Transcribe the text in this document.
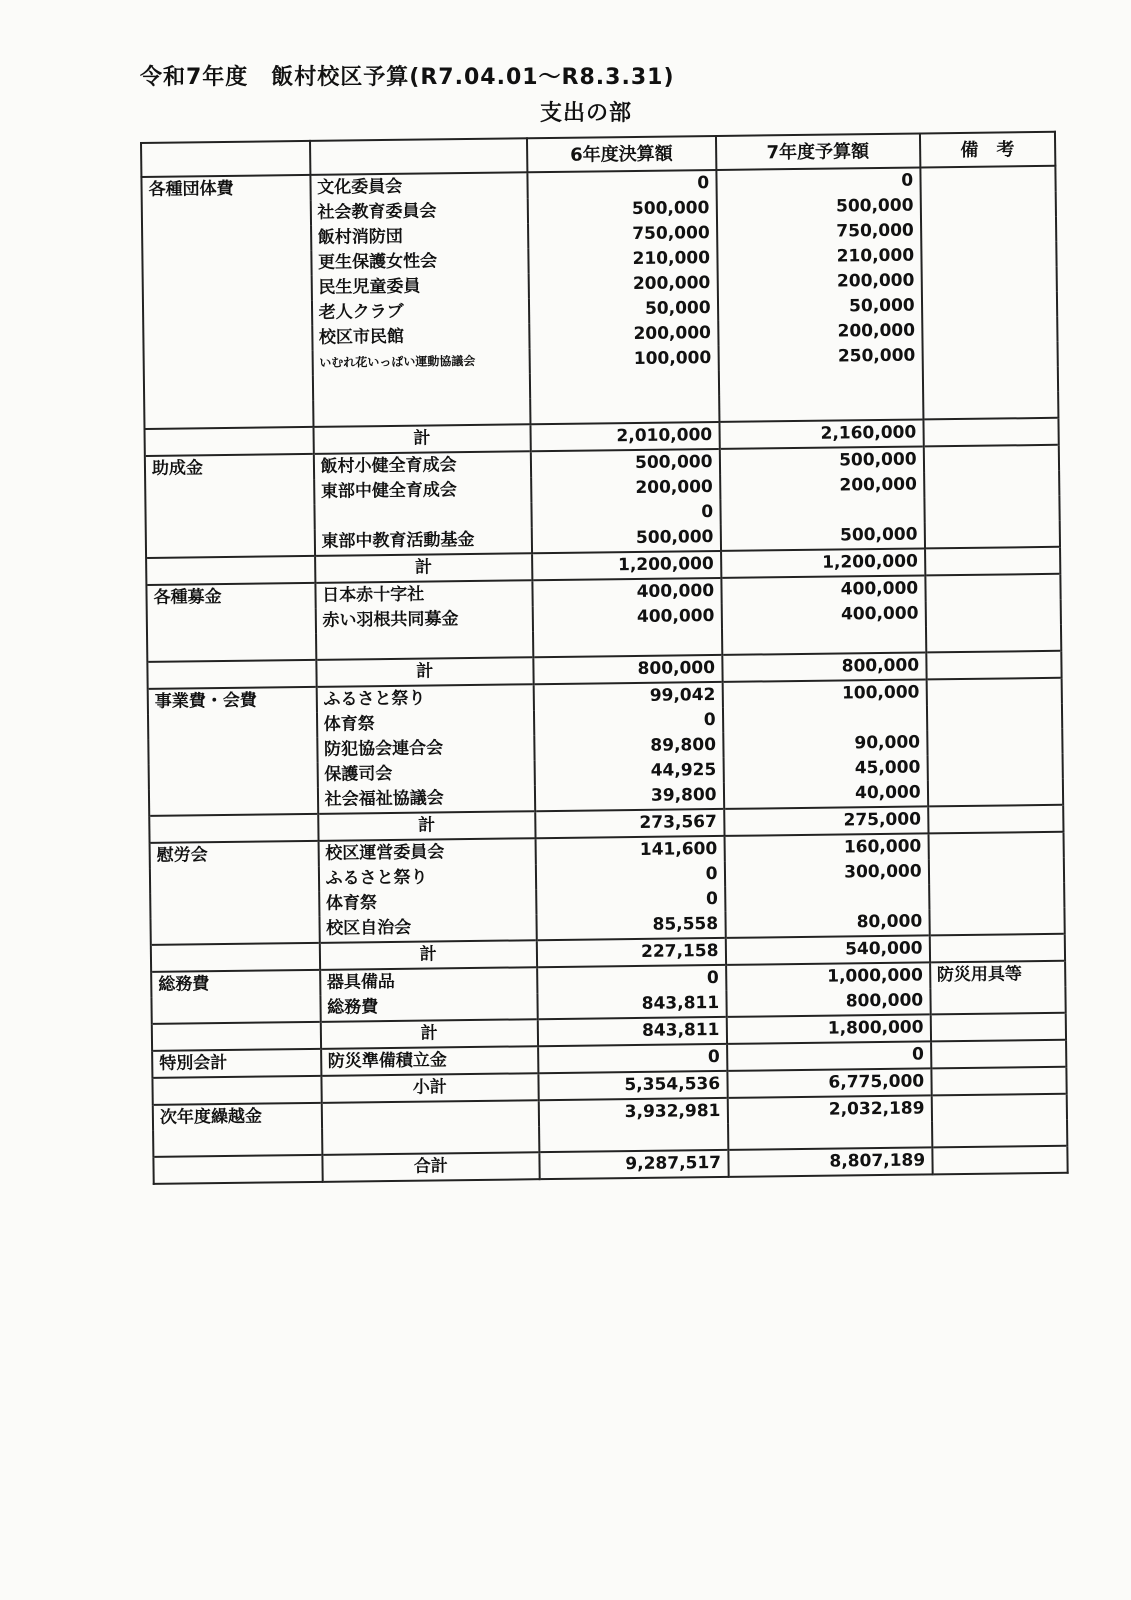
令和7年度　飯村校区予算(R7.04.01～R8.3.31)
支出の部
		6年度決算額	7年度予算額	備　考
各種団体費	文化委員会	0	0	
	社会教育委員会	500,000	500,000	
	飯村消防団	750,000	750,000	
	更生保護女性会	210,000	210,000	
	民生児童委員	200,000	200,000	
	老人クラブ	50,000	50,000	
	校区市民館	200,000	200,000	
	いむれ花いっぱい運動協議会	100,000	250,000	

	計	2,010,000	2,160,000	
助成金	飯村小健全育成会	500,000	500,000	
	東部中健全育成会	200,000	200,000	
		0		
	東部中教育活動基金	500,000	500,000	
	計	1,200,000	1,200,000	
各種募金	日本赤十字社	400,000	400,000	
	赤い羽根共同募金	400,000	400,000	

	計	800,000	800,000	
事業費・会費	ふるさと祭り	99,042	100,000	
	体育祭	0		
	防犯協会連合会	89,800	90,000	
	保護司会	44,925	45,000	
	社会福祉協議会	39,800	40,000	
	計	273,567	275,000	
慰労会	校区運営委員会	141,600	160,000	
	ふるさと祭り	0	300,000	
	体育祭	0		
	校区自治会	85,558	80,000	
	計	227,158	540,000	
総務費	器具備品	0	1,000,000	防災用具等
	総務費	843,811	800,000	
	計	843,811	1,800,000	
特別会計	防災準備積立金	0	0	
	小計	5,354,536	6,775,000	
次年度繰越金		3,932,981	2,032,189	

	合計	9,287,517	8,807,189	
